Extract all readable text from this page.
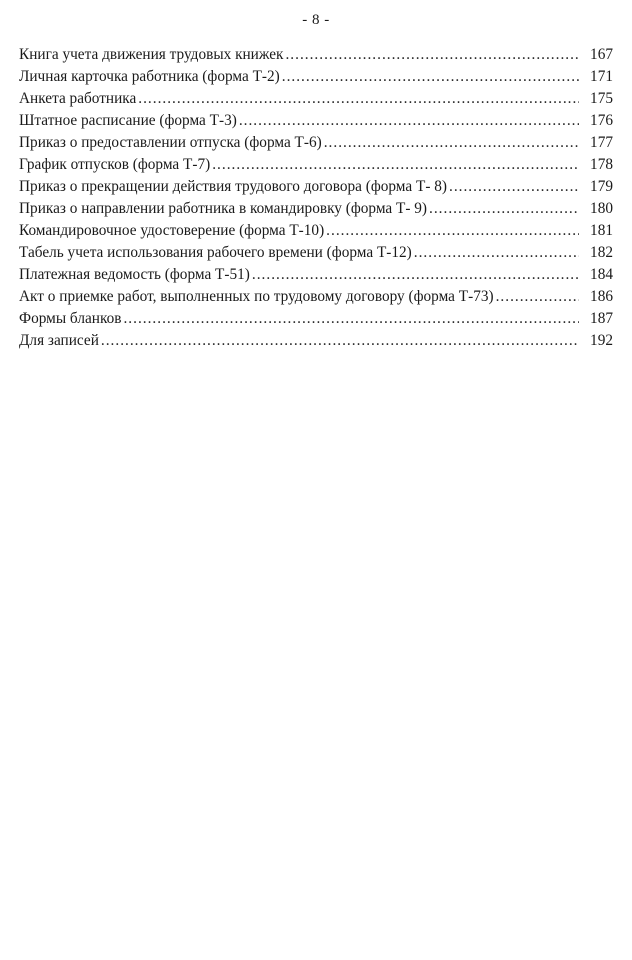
- 8 -
Книга учета движения трудовых книжек .....	167
Личная карточка работника (форма Т-2) .....	171
Анкета работника .....	175
Штатное расписание (форма Т-3) .....	176
Приказ о предоставлении отпуска (форма Т-6) .....	177
График отпусков (форма Т-7) .....	178
Приказ о прекращении действия трудового договора (форма Т- 8) .....	179
Приказ о направлении работника в командировку (форма Т- 9) .....	180
Командировочное удостоверение (форма Т-10) .....	181
Табель учета использования рабочего времени (форма Т-12) .....	182
Платежная ведомость (форма Т-51) .....	184
Акт о приемке работ, выполненных по трудовому договору (форма Т-73) .....	186
Формы бланков .....	187
Для записей .....	192
